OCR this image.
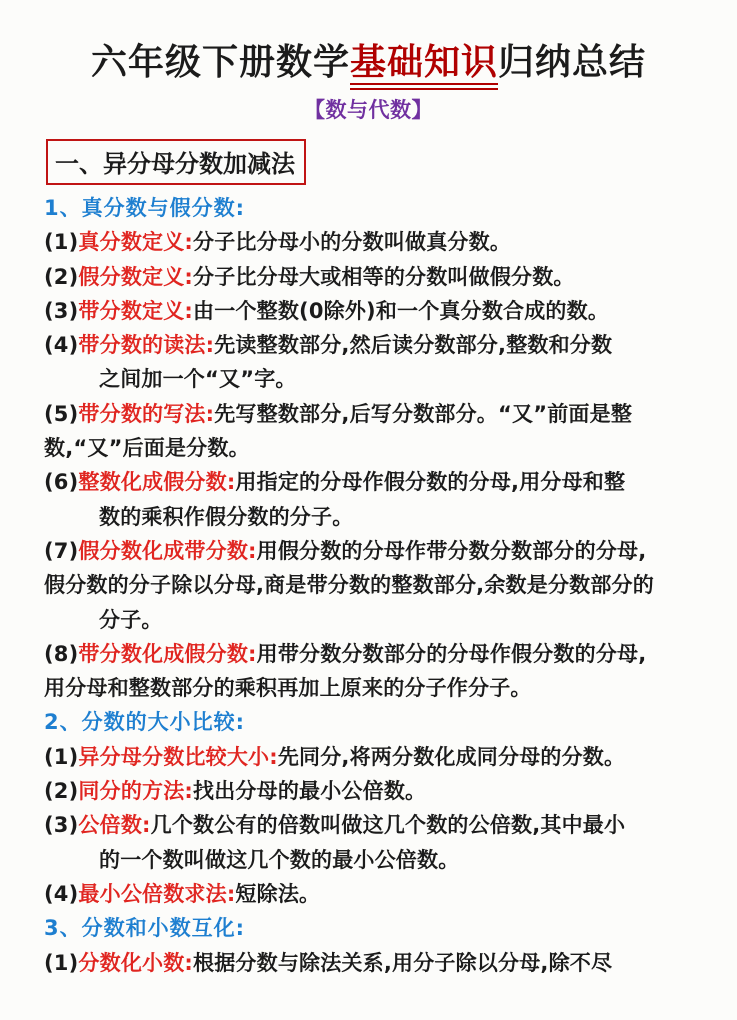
六年级下册数学基础知识归纳总结
【数与代数】
一、异分母分数加减法
1、真分数与假分数:
(1)真分数定义:分子比分母小的分数叫做真分数。
(2)假分数定义:分子比分母大或相等的分数叫做假分数。
(3)带分数定义:由一个整数(0除外)和一个真分数合成的数。
(4)带分数的读法:先读整数部分,然后读分数部分,整数和分数
之间加一个“又”字。
(5)带分数的写法:先写整数部分,后写分数部分。“又”前面是整
数,“又”后面是分数。
(6)整数化成假分数:用指定的分母作假分数的分母,用分母和整
数的乘积作假分数的分子。
(7)假分数化成带分数:用假分数的分母作带分数分数部分的分母,
假分数的分子除以分母,商是带分数的整数部分,余数是分数部分的
分子。
(8)带分数化成假分数:用带分数分数部分的分母作假分数的分母,
用分母和整数部分的乘积再加上原来的分子作分子。
2、分数的大小比较:
(1)异分母分数比较大小:先同分,将两分数化成同分母的分数。
(2)同分的方法:找出分母的最小公倍数。
(3)公倍数:几个数公有的倍数叫做这几个数的公倍数,其中最小
的一个数叫做这几个数的最小公倍数。
(4)最小公倍数求法:短除法。
3、分数和小数互化:
(1)分数化小数:根据分数与除法关系,用分子除以分母,除不尽
